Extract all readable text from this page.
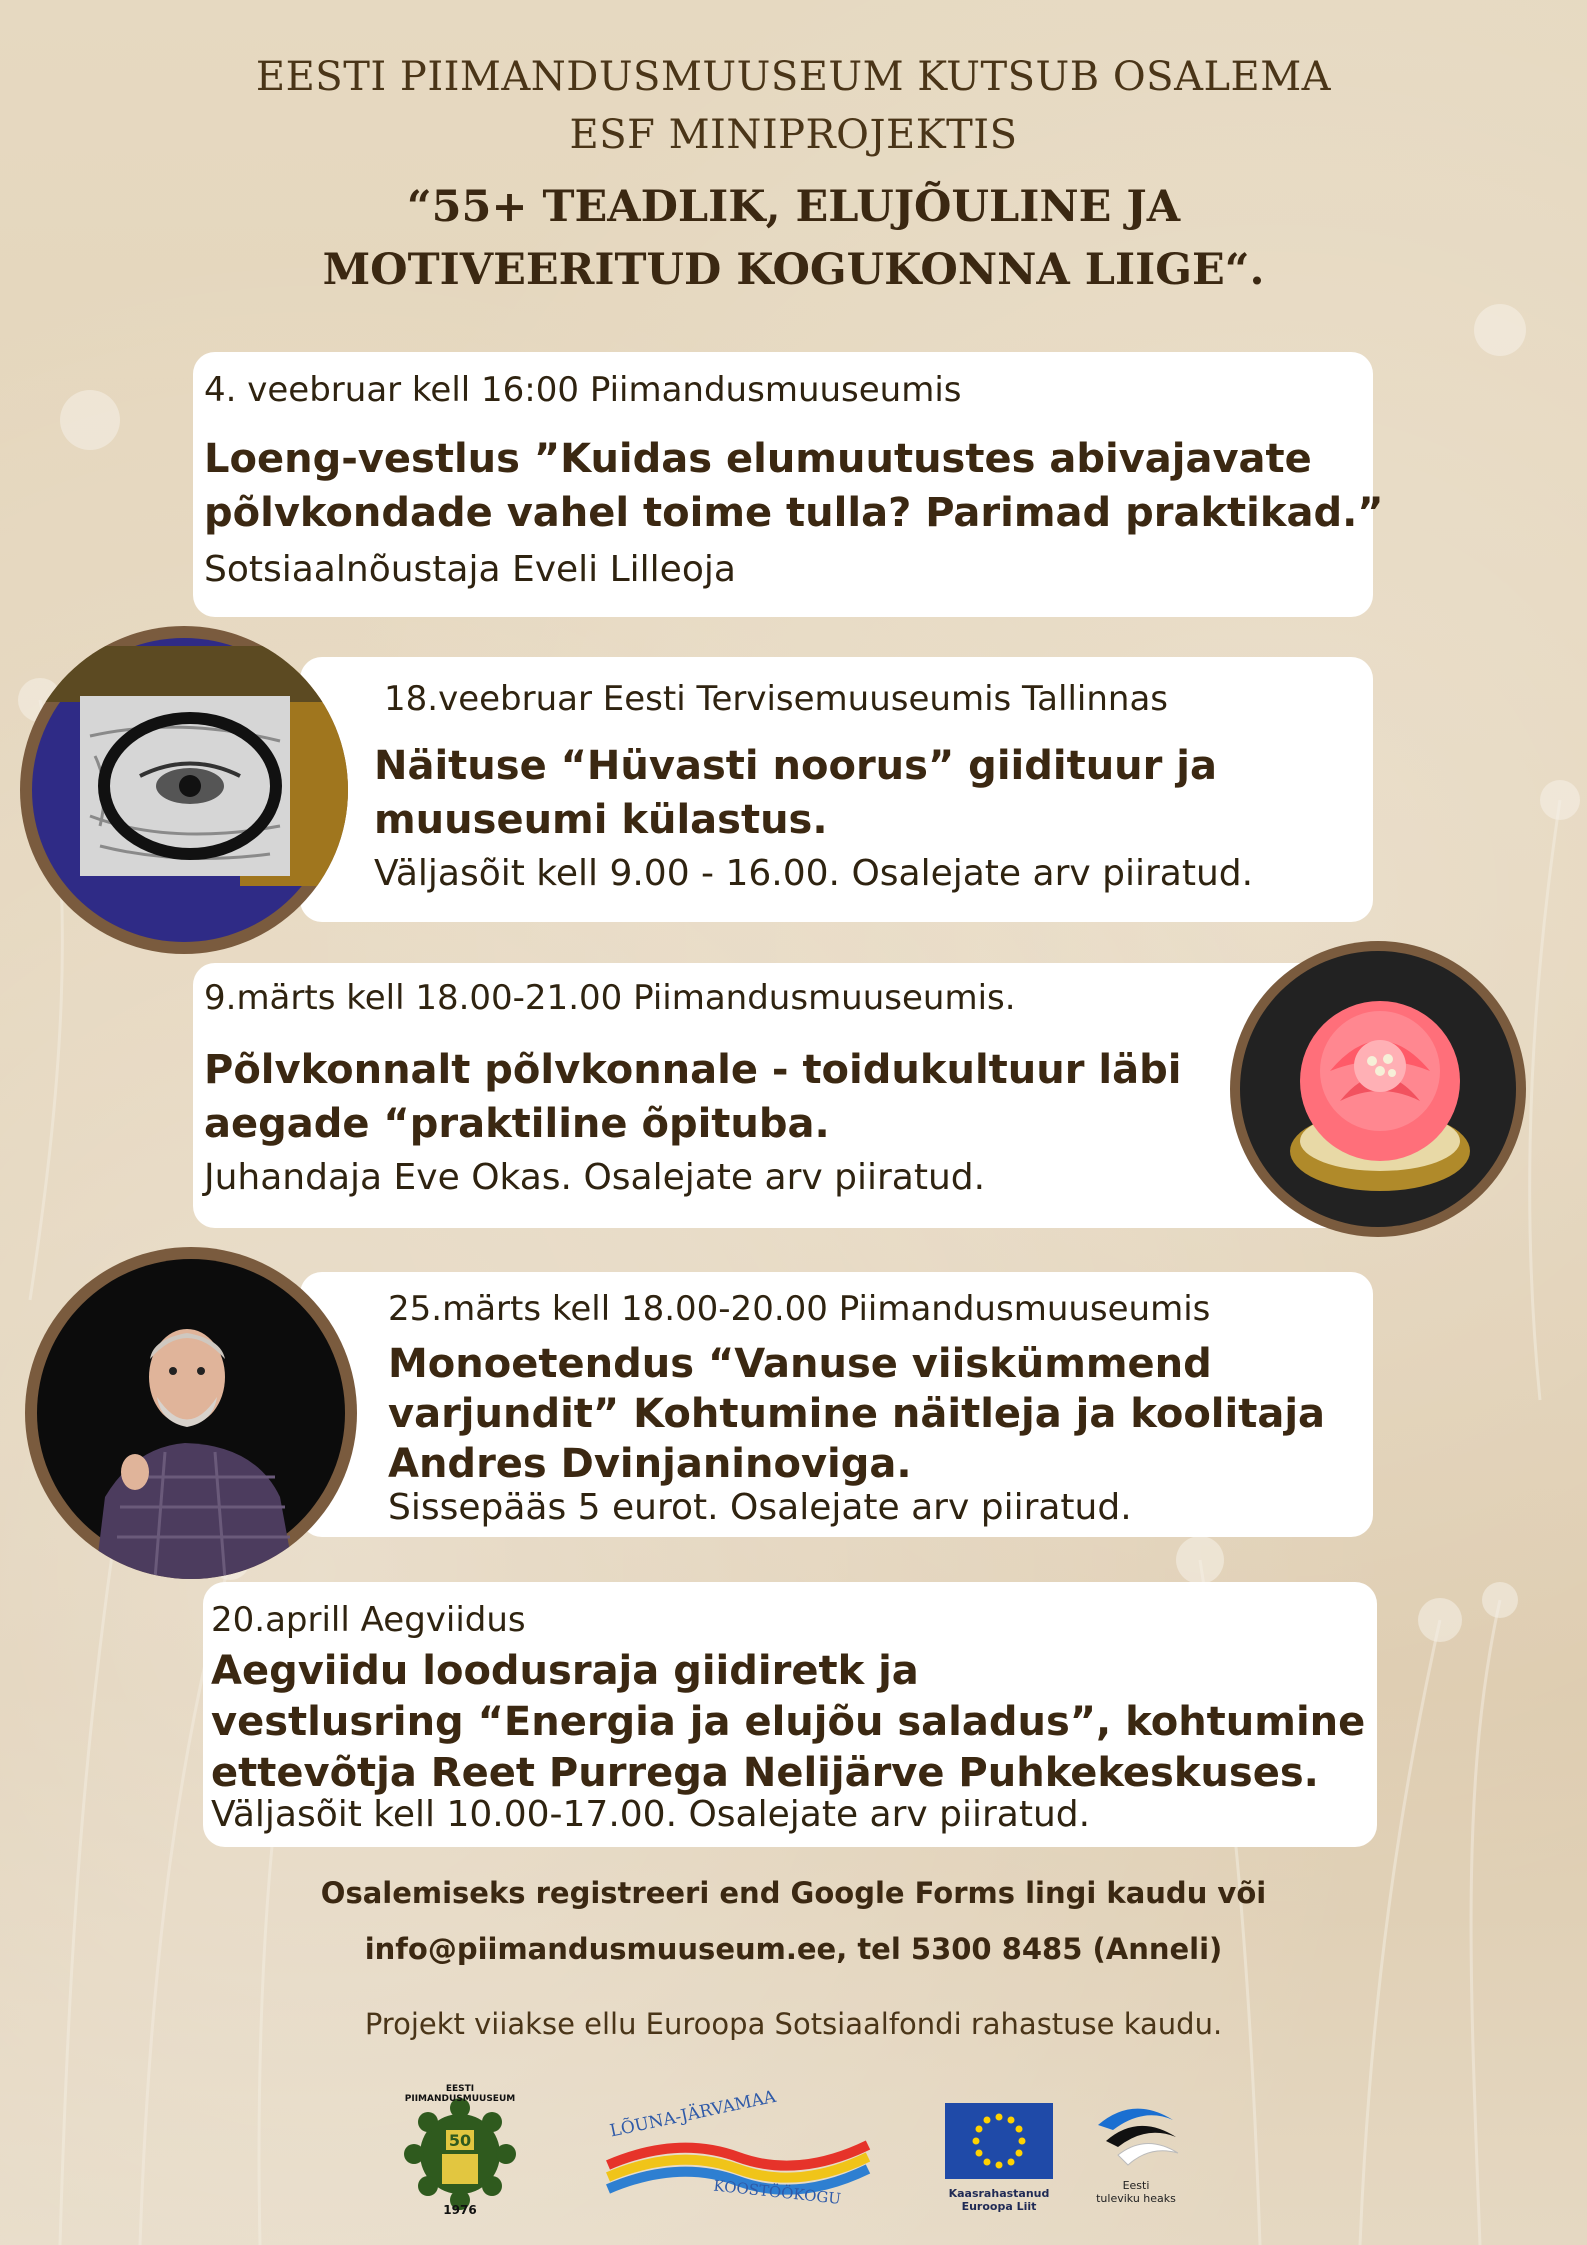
EESTI PIIMANDUSMUUSEUM KUTSUB OSALEMA
ESF MINIPROJEKTIS
“55+ TEADLIK, ELUJÕULINE JA
MOTIVEERITUD KOGUKONNA LIIGE“.
4. veebruar kell 16:00 Piimandusmuuseumis
Loeng-vestlus ”Kuidas elumuutustes abivajavate
põlvkondade vahel toime tulla? Parimad praktikad.”
Sotsiaalnõustaja Eveli Lilleoja
18.veebruar Eesti Tervisemuuseumis Tallinnas
Näituse “Hüvasti noorus” giidituur ja
muuseumi külastus.
Väljasõit kell 9.00 - 16.00. Osalejate arv piiratud.
9.märts kell 18.00-21.00 Piimandusmuuseumis.
Põlvkonnalt põlvkonnale - toidukultuur läbi
aegade “praktiline õpituba.
Juhandaja Eve Okas. Osalejate arv piiratud.
25.märts kell 18.00-20.00 Piimandusmuuseumis
Monoetendus “Vanuse viiskümmend
varjundit” Kohtumine näitleja ja koolitaja
Andres Dvinjaninoviga.
Sissepääs 5 eurot. Osalejate arv piiratud.
20.aprill Aegviidus
Aegviidu loodusraja giidiretk ja
vestlusring “Energia ja elujõu saladus”, kohtumine
ettevõtja Reet Purrega Nelijärve Puhkekeskuses.
Väljasõit kell 10.00-17.00. Osalejate arv piiratud.
Osalemiseks registreeri end Google Forms lingi kaudu või
info@piimandusmuuseum.ee, tel 5300 8485 (Anneli)
Projekt viiakse ellu Euroopa Sotsiaalfondi rahastuse kaudu.
50
1976
EESTI PIIMANDUSMUUSEUM	LÕUNA-JÄRVAMAA
KOOSTÖÖKOGU	Kaasrahastanud
Euroopa Liit
Eesti
tuleviku heaks
